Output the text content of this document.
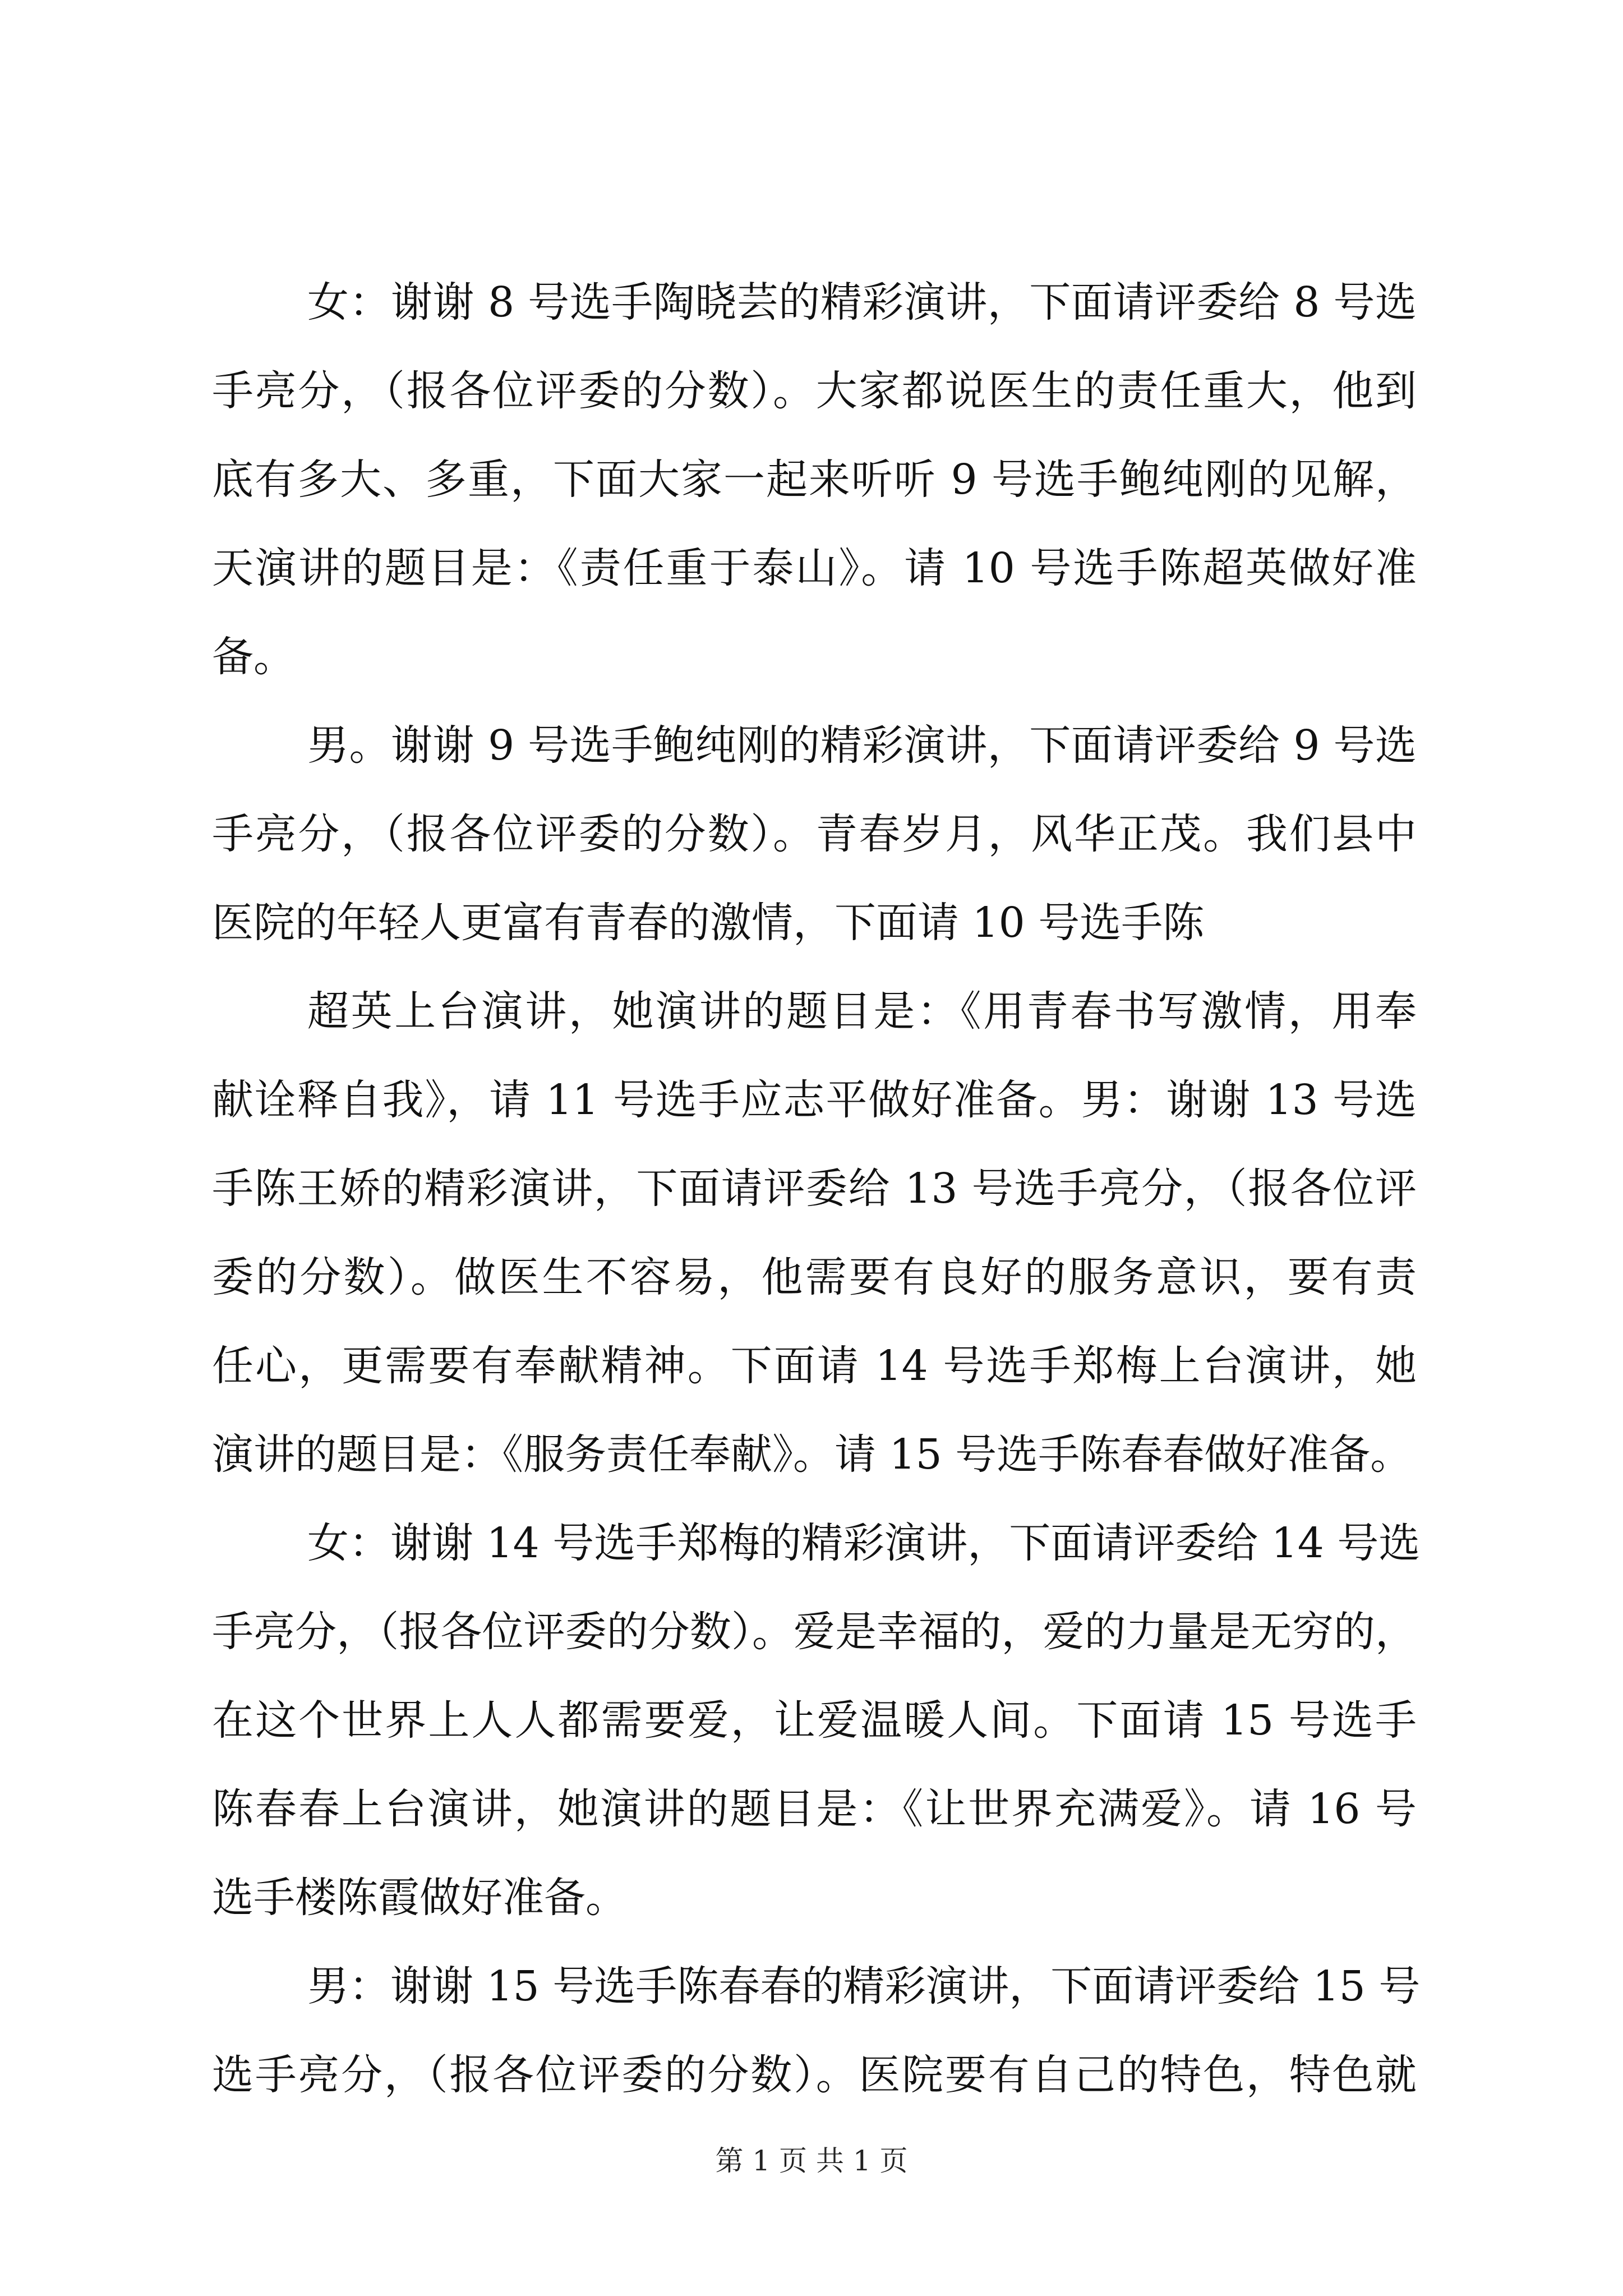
女：谢谢 8 号选手陶晓芸的精彩演讲，下面请评委给 8 号选
手亮分，（报各位评委的分数）。大家都说医生的责任重大，他到
底有多大、多重，下面大家一起来听听 9 号选手鲍纯刚的见解，
天演讲的题目是：《责任重于泰山》。请 10 号选手陈超英做好准
备。
男。谢谢 9 号选手鲍纯刚的精彩演讲，下面请评委给 9 号选
手亮分，（报各位评委的分数）。青春岁月，风华正茂。我们县中
医院的年轻人更富有青春的激情，下面请 10 号选手陈
超英上台演讲，她演讲的题目是：《用青春书写激情，用奉
献诠释自我》，请 11 号选手应志平做好准备。男：谢谢 13 号选
手陈王娇的精彩演讲，下面请评委给 13 号选手亮分，（报各位评
委的分数）。做医生不容易，他需要有良好的服务意识，要有责
任心，更需要有奉献精神。下面请 14 号选手郑梅上台演讲，她
演讲的题目是：《服务责任奉献》。请 15 号选手陈春春做好准备。
女：谢谢 14 号选手郑梅的精彩演讲，下面请评委给 14 号选
手亮分，（报各位评委的分数）。爱是幸福的，爱的力量是无穷的，
在这个世界上人人都需要爱，让爱温暖人间。下面请 15 号选手
陈春春上台演讲，她演讲的题目是：《让世界充满爱》。请 16 号
选手楼陈霞做好准备。
男：谢谢 15 号选手陈春春的精彩演讲，下面请评委给 15 号
选手亮分，（报各位评委的分数）。医院要有自己的特色，特色就
第 1 页 共 1 页
